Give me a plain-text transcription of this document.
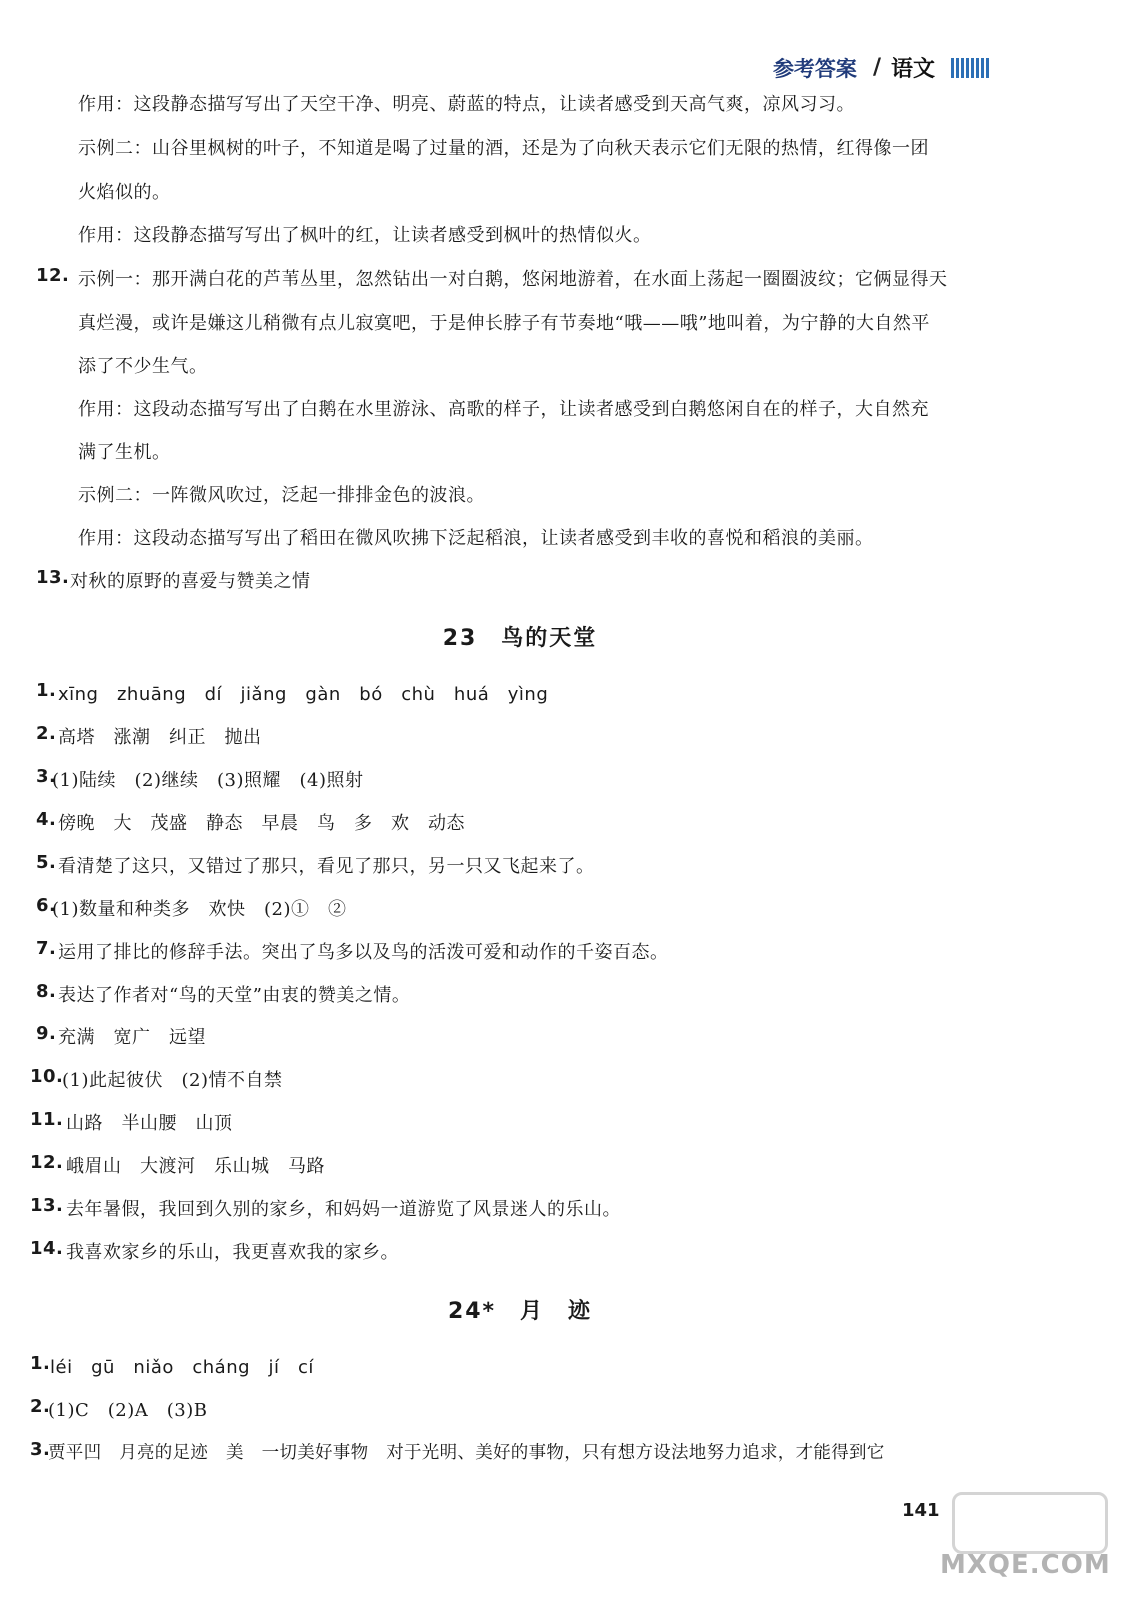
参考答案 / 语文
作用：这段静态描写写出了天空干净、明亮、蔚蓝的特点，让读者感受到天高气爽，凉风习习。
示例二：山谷里枫树的叶子，不知道是喝了过量的酒，还是为了向秋天表示它们无限的热情，红得像一团
火焰似的。
作用：这段静态描写写出了枫叶的红，让读者感受到枫叶的热情似火。
12. 示例一：那开满白花的芦苇丛里，忽然钻出一对白鹅，悠闲地游着，在水面上荡起一圈圈波纹；它俩显得天
真烂漫，或许是嫌这儿稍微有点儿寂寞吧，于是伸长脖子有节奏地“哦——哦”地叫着，为宁静的大自然平
添了不少生气。
作用：这段动态描写写出了白鹅在水里游泳、高歌的样子，让读者感受到白鹅悠闲自在的样子，大自然充
满了生机。
示例二：一阵微风吹过，泛起一排排金色的波浪。
作用：这段动态描写写出了稻田在微风吹拂下泛起稻浪，让读者感受到丰收的喜悦和稻浪的美丽。
13. 对秋的原野的喜爱与赞美之情
23　鸟的天堂
1. xīng　zhuāng　dí　jiǎng　gàn　bó　chù　huá　yìng
2. 高塔　涨潮　纠正　抛出
3.
(1)陆续　(2)继续　(3)照耀　(4)照射
4. 傍晚　大　茂盛　静态　早晨　鸟　多　欢　动态
5. 看清楚了这只，又错过了那只，看见了那只，另一只又飞起来了。
6.
(1)数量和种类多　欢快　(2)①　②
7. 运用了排比的修辞手法。突出了鸟多以及鸟的活泼可爱和动作的千姿百态。
8. 表达了作者对“鸟的天堂”由衷的赞美之情。
9. 充满　宽广　远望
10.
(1)此起彼伏　(2)情不自禁
11. 山路　半山腰　山顶
12. 峨眉山　大渡河　乐山城　马路
13. 去年暑假，我回到久别的家乡，和妈妈一道游览了风景迷人的乐山。
14. 我喜欢家乡的乐山，我更喜欢我的家乡。
24*　月　迹
1. léi　gū　niǎo　cháng　jí　cí
2.
(1)C　(2)A　(3)B
3.
贾平凹　月亮的足迹　美　一切美好事物　对于光明、美好的事物，只有想方设法地努力追求，才能得到它
141
MXQE.COM
